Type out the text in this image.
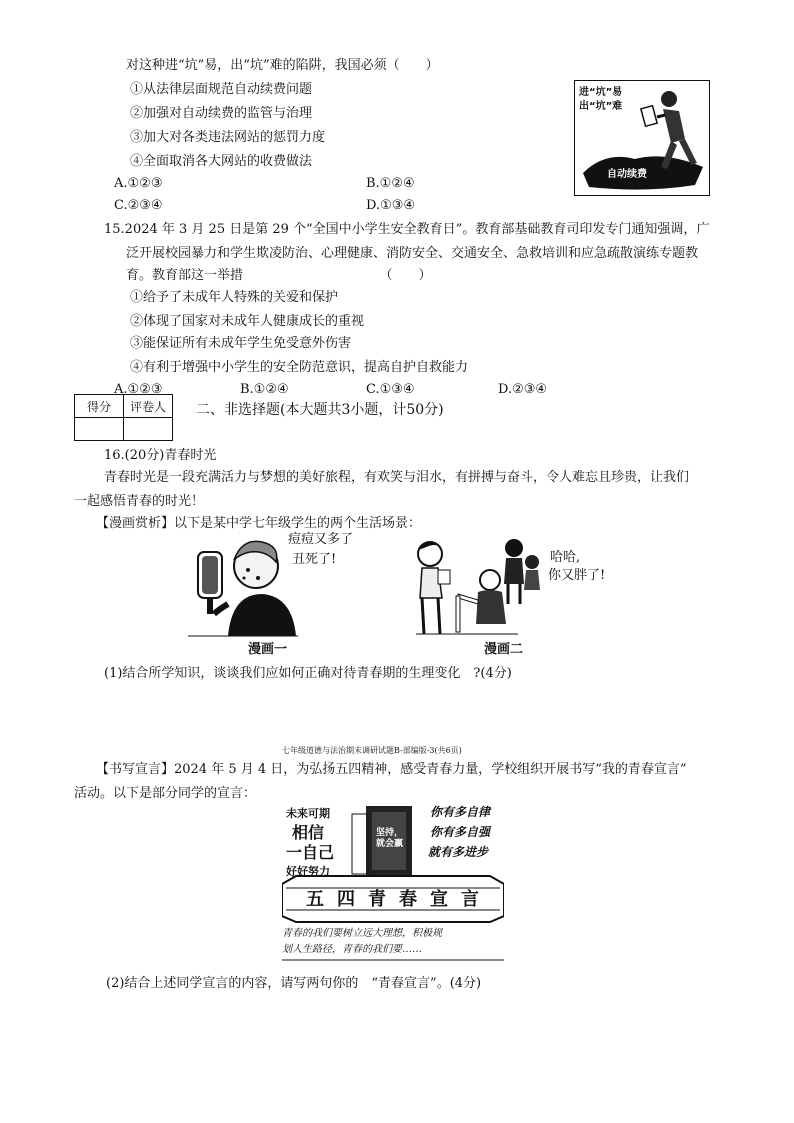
对这种进“坑”易，出“坑”难的陷阱，我国必须（　　）
①从法律层面规范自动续费问题
②加强对自动续费的监管与治理
③加大对各类违法网站的惩罚力度
④全面取消各大网站的收费做法
A.①②③	B.①②④
C.②③④	D.①③④
进“坑”易
出“坑”难
自动续费
15.2024 年 3 月 25 日是第 29 个“全国中小学生安全教育日”。教育部基础教育司印发专门通知强调，广
泛开展校园暴力和学生欺凌防治、心理健康、消防安全、交通安全、急救培训和应急疏散演练专题教
育。教育部这一举措　　　　　　　　　　　（　　）
①给予了未成年人特殊的关爱和保护
②体现了国家对未成年人健康成长的重视
③能保证所有未成年学生免受意外伤害
④有利于增强中小学生的安全防范意识，提高自护自救能力
A.①②③	B.①②④	C.①③④	D.②③④
得分	评卷人
	二、非选择题(本大题共3小题，计50分)
16.(20分)青春时光
青春时光是一段充满活力与梦想的美好旅程，有欢笑与泪水，有拼搏与奋斗，令人难忘且珍贵，让我们
一起感悟青春的时光！
【漫画赏析】以下是某中学七年级学生的两个生活场景：
痘痘又多了
丑死了!	哈哈,
你又胖了!
漫画一	漫画二
(1)结合所学知识，谈谈我们应如何正确对待青春期的生理变化　?(4分)
七年级道德与法治期末调研试题B-部编版-3(共6页)
【书写宣言】2024 年 5 月 4 日，为弘扬五四精神，感受青春力量，学校组织开展书写“我的青春宣言”
活动。以下是部分同学的宣言：
未来可期
相信
一自己
好好努力
坚持，就会赢
你有多自律
你有多自强
就有多进步
五四青春宣言
青春的我们要树立远大理想，积极规
划人生路径，青春的我们要……
(2)结合上述同学宣言的内容，请写两句你的　“青春宣言”。(4分)
